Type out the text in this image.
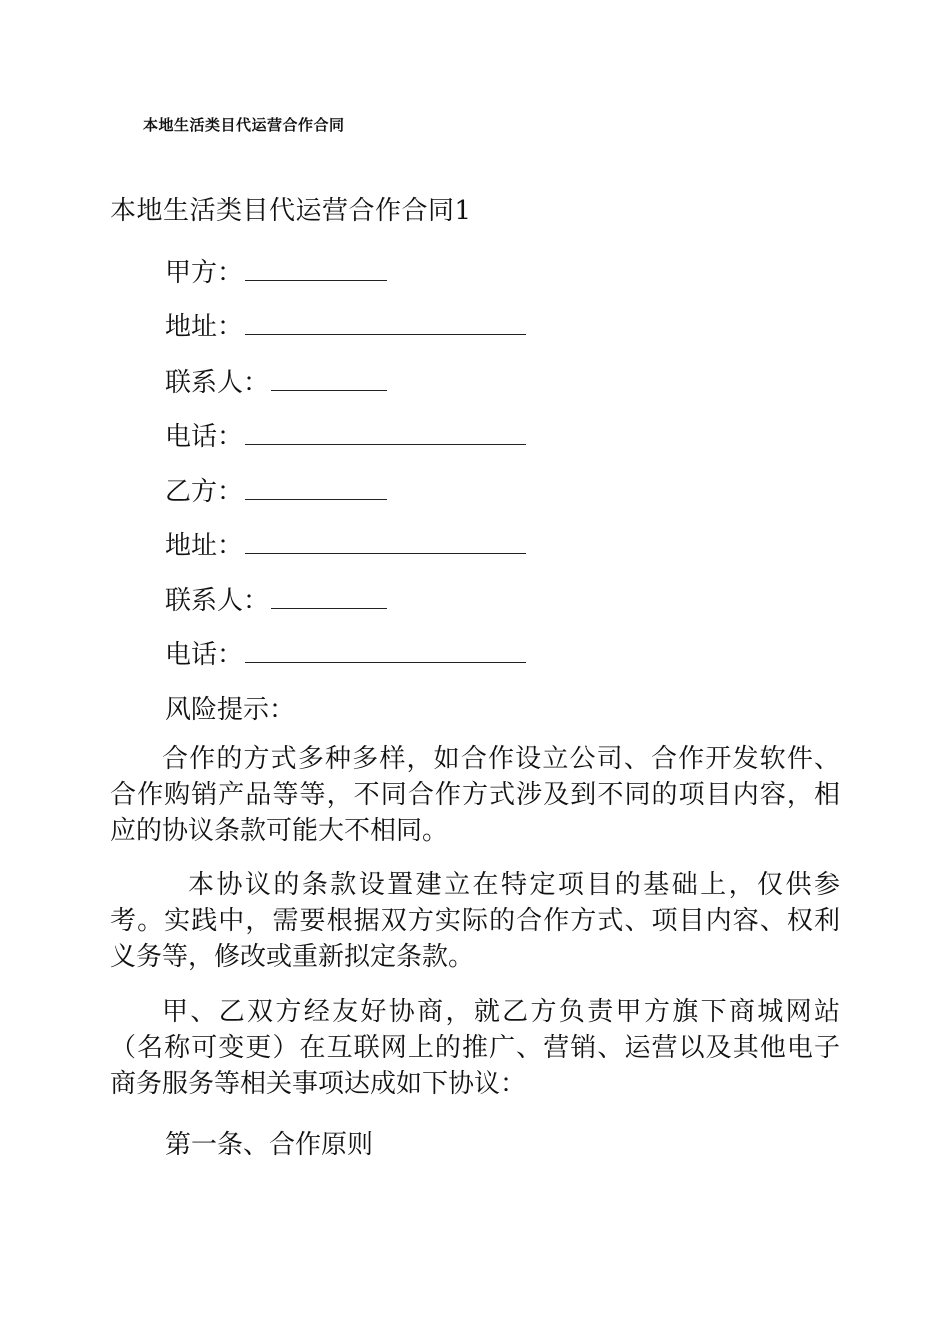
本地生活类目代运营合作合同
本地生活类目代运营合作合同1
甲方：
地址：
联系人：
电话：
乙方：
地址：
联系人：
电话：
风险提示：
合作的方式多种多样，如合作设立公司、合作开发软件、
合作购销产品等等，不同合作方式涉及到不同的项目内容，相
应的协议条款可能大不相同。
本协议的条款设置建立在特定项目的基础上，仅供参
考。实践中，需要根据双方实际的合作方式、项目内容、权利
义务等，修改或重新拟定条款。
甲、乙双方经友好协商，就乙方负责甲方旗下商城网站
（名称可变更）在互联网上的推广、营销、运营以及其他电子
商务服务等相关事项达成如下协议：
第一条、合作原则
